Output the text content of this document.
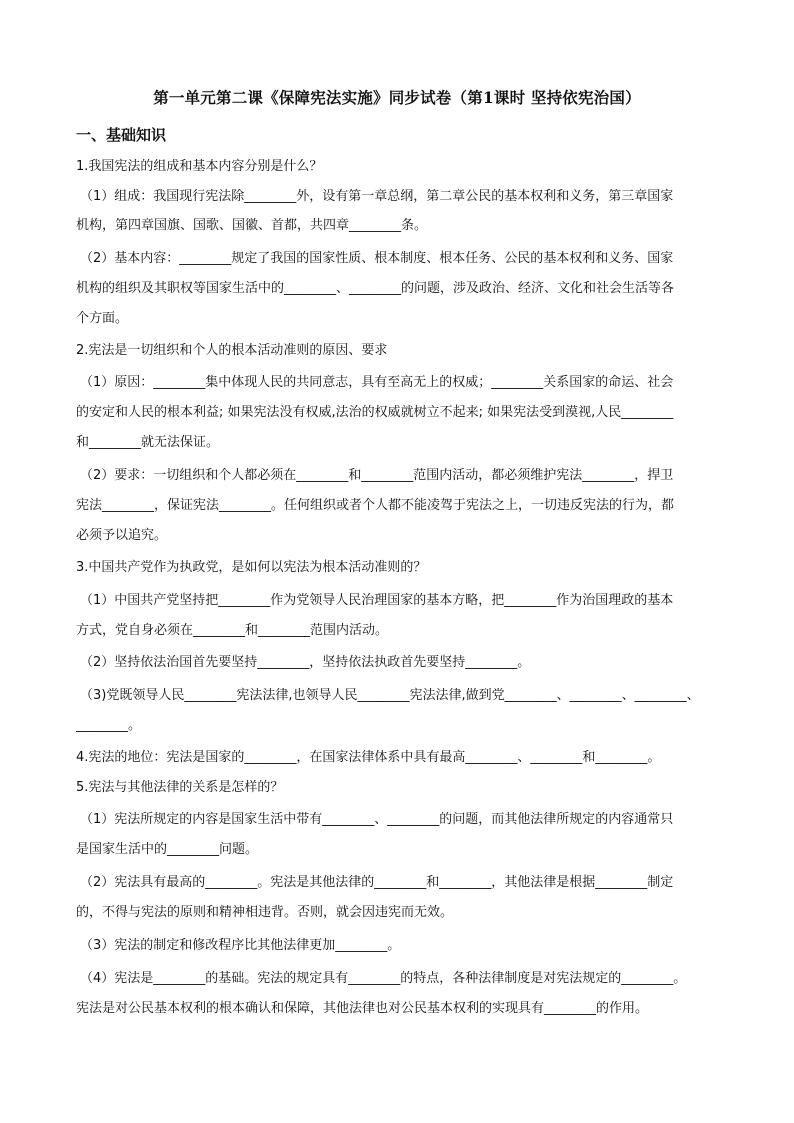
第一单元第二课《保障宪法实施》同步试卷（第1课时 坚持依宪治国）
一、基础知识
1.我国宪法的组成和基本内容分别是什么？
（1）组成：我国现行宪法除________外，设有第一章总纲，第二章公民的基本权利和义务，第三章国家
机构，第四章国旗、国歌、国徽、首都，共四章________条。
（2）基本内容：________规定了我国的国家性质、根本制度、根本任务、公民的基本权利和义务、国家
机构的组织及其职权等国家生活中的________、________的问题，涉及政治、经济、文化和社会生活等各
个方面。
2.宪法是一切组织和个人的根本活动准则的原因、要求
（1）原因：________集中体现人民的共同意志，具有至高无上的权威；________关系国家的命运、社会
的安定和人民的根本利益; 如果宪法没有权威,法治的权威就树立不起来; 如果宪法受到漠视,人民________
和________就无法保证。
（2）要求：一切组织和个人都必须在________和________范围内活动，都必须维护宪法________，捍卫
宪法________，保证宪法________。任何组织或者个人都不能凌驾于宪法之上，一切违反宪法的行为，都
必须予以追究。
3.中国共产党作为执政党，是如何以宪法为根本活动准则的？
（1）中国共产党坚持把________作为党领导人民治理国家的基本方略，把________作为治国理政的基本
方式，党自身必须在________和________范围内活动。
（2）坚持依法治国首先要坚持________，坚持依法执政首先要坚持________。
（3)党既领导人民________宪法法律,也领导人民________宪法法律,做到党________、________、________、
________。
4.宪法的地位：宪法是国家的________，在国家法律体系中具有最高________、________和________。
5.宪法与其他法律的关系是怎样的？
（1）宪法所规定的内容是国家生活中带有________、________的问题，而其他法律所规定的内容通常只
是国家生活中的________问题。
（2）宪法具有最高的________。宪法是其他法律的________和________，其他法律是根据________制定
的，不得与宪法的原则和精神相违背。否则，就会因违宪而无效。
（3）宪法的制定和修改程序比其他法律更加________。
（4）宪法是________的基础。宪法的规定具有________的特点，各种法律制度是对宪法规定的________。
宪法是对公民基本权利的根本确认和保障，其他法律也对公民基本权利的实现具有________的作用。
